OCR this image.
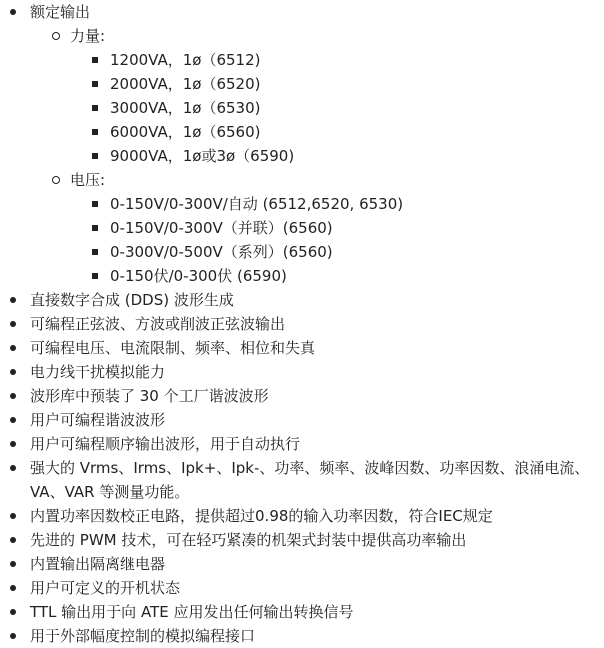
额定输出
力量:
1200VA，1ø（6512)
2000VA，1ø（6520)
3000VA，1ø（6530)
6000VA，1ø（6560)
9000VA，1ø或3ø（6590)
电压:
0-150V/0-300V/自动 (6512,6520, 6530)
0-150V/0-300V（并联）(6560)
0-300V/0-500V（系列）(6560)
0-150伏/0-300伏 (6590)
直接数字合成 (DDS) 波形生成
可编程正弦波、方波或削波正弦波输出
可编程电压、电流限制、频率、相位和失真
电力线干扰模拟能力
波形库中预装了 30 个工厂谐波波形
用户可编程谐波波形
用户可编程顺序输出波形，用于自动执行
强大的 Vrms、Irms、Ipk+、Ipk-、功率、频率、波峰因数、功率因数、浪涌电流、VA、VAR 等测量功能。
内置功率因数校正电路，提供超过0.98的输入功率因数，符合IEC规定
先进的 PWM 技术，可在轻巧紧凑的机架式封装中提供高功率输出
内置输出隔离继电器
用户可定义的开机状态
TTL 输出用于向 ATE 应用发出任何输出转换信号
用于外部幅度控制的模拟编程接口
